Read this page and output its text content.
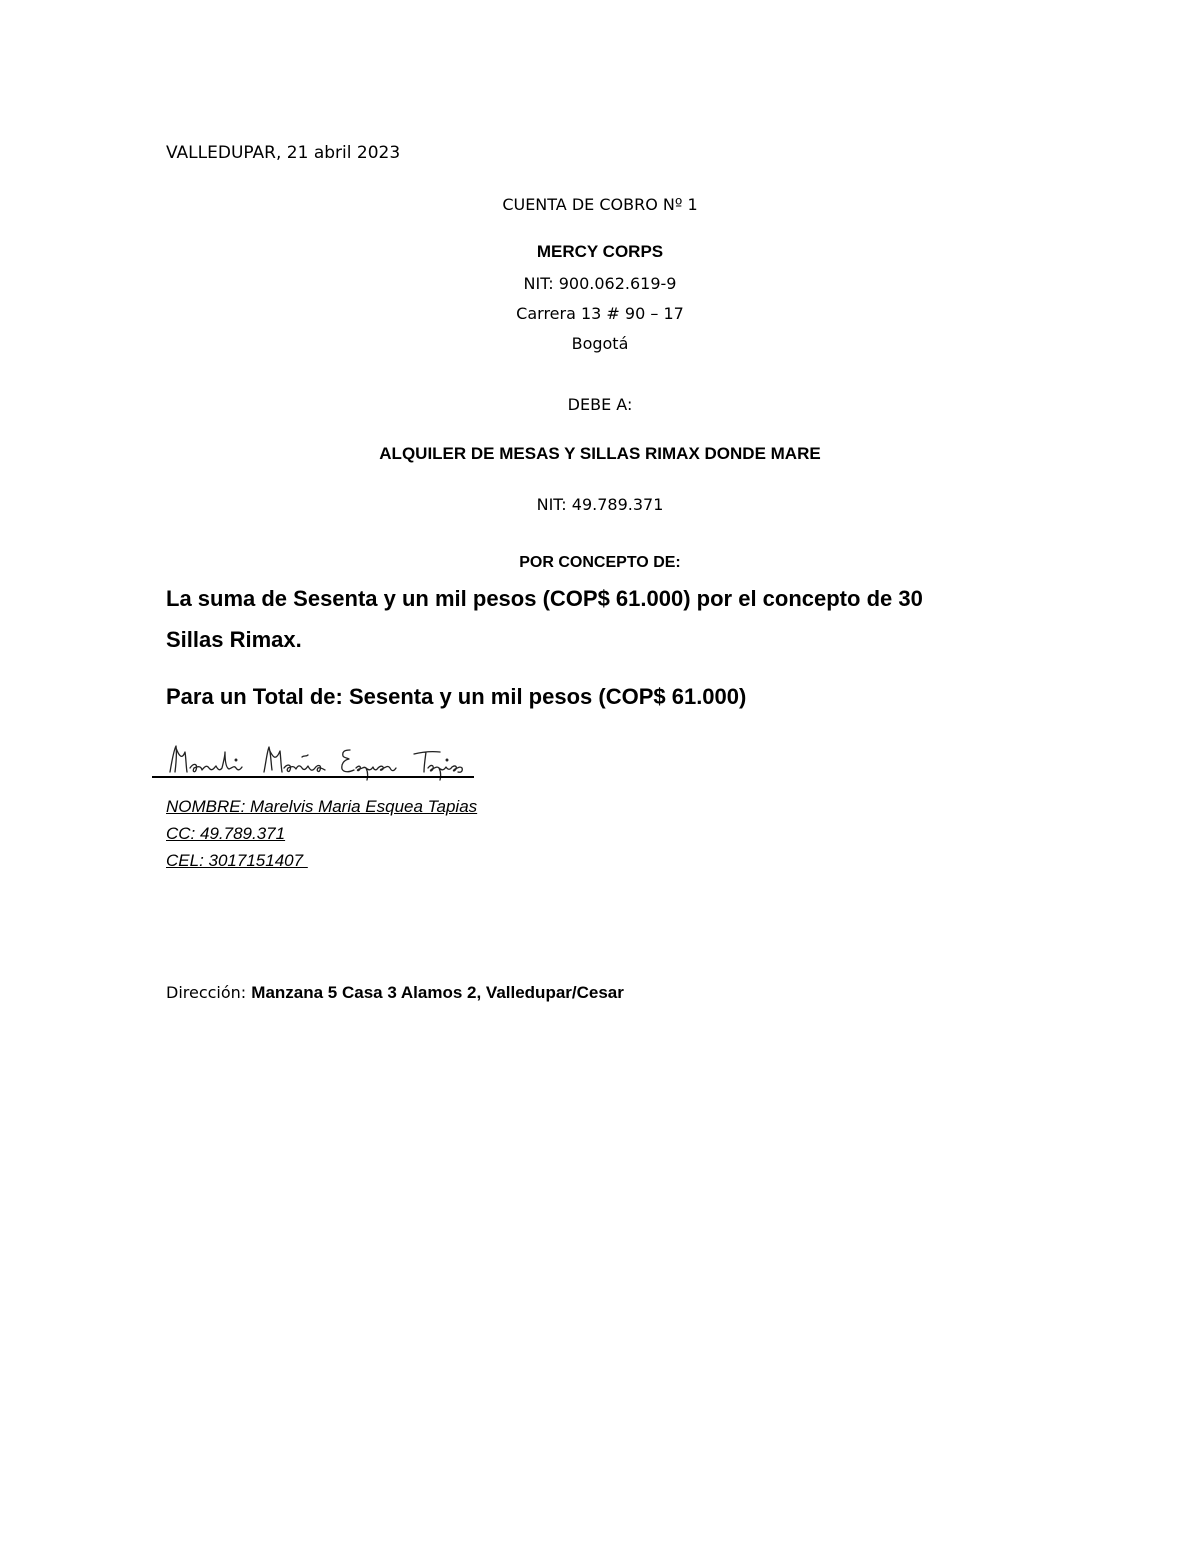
VALLEDUPAR, 21 abril 2023
CUENTA DE COBRO Nº 1
MERCY CORPS
NIT: 900.062.619-9
Carrera 13 # 90 – 17
Bogotá
DEBE A:
ALQUILER DE MESAS Y SILLAS RIMAX DONDE MARE
NIT: 49.789.371
POR CONCEPTO DE:
La suma de Sesenta y un mil pesos (COP$ 61.000) por el concepto de 30
Sillas Rimax.
Para un Total de: Sesenta y un mil pesos (COP$ 61.000)
NOMBRE: Marelvis Maria Esquea Tapias
CC: 49.789.371
CEL: 3017151407
Dirección: Manzana 5 Casa 3 Alamos 2, Valledupar/Cesar
